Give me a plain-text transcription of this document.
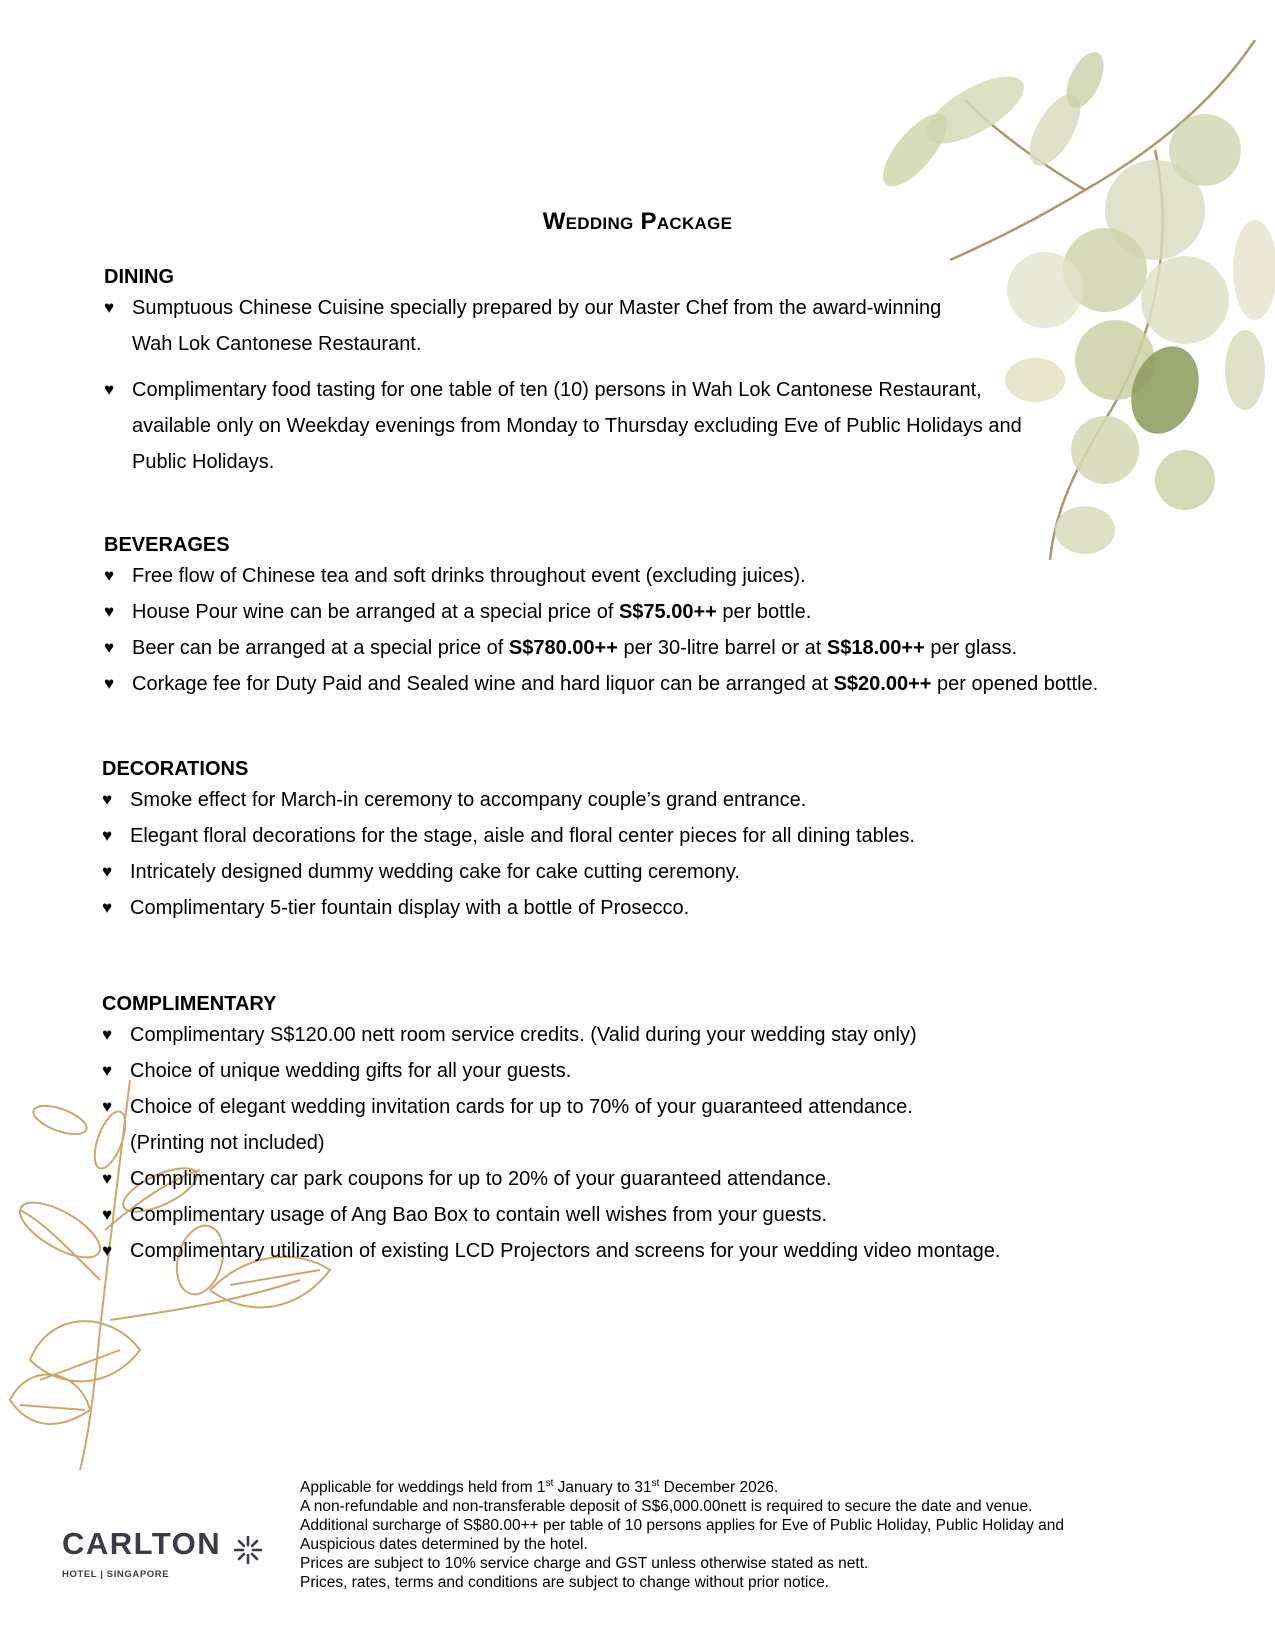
Wedding Package
DINING
♥ Sumptuous Chinese Cuisine specially prepared by our Master Chef from the award-winning
Wah Lok Cantonese Restaurant.
♥ Complimentary food tasting for one table of ten (10) persons in Wah Lok Cantonese Restaurant,
available only on Weekday evenings from Monday to Thursday excluding Eve of Public Holidays and
Public Holidays.
BEVERAGES
♥ Free flow of Chinese tea and soft drinks throughout event (excluding juices).
♥ House Pour wine can be arranged at a special price of S$75.00++ per bottle.
♥ Beer can be arranged at a special price of S$780.00++ per 30-litre barrel or at S$18.00++ per glass.
♥ Corkage fee for Duty Paid and Sealed wine and hard liquor can be arranged at S$20.00++ per opened bottle.
DECORATIONS
♥ Smoke effect for March-in ceremony to accompany couple’s grand entrance.
♥ Elegant floral decorations for the stage, aisle and floral center pieces for all dining tables.
♥ Intricately designed dummy wedding cake for cake cutting ceremony.
♥ Complimentary 5-tier fountain display with a bottle of Prosecco.
COMPLIMENTARY
♥ Complimentary S$120.00 nett room service credits. (Valid during your wedding stay only)
♥ Choice of unique wedding gifts for all your guests.
♥ Choice of elegant wedding invitation cards for up to 70% of your guaranteed attendance.
(Printing not included)
♥ Complimentary car park coupons for up to 20% of your guaranteed attendance.
♥ Complimentary usage of Ang Bao Box to contain well wishes from your guests.
♥ Complimentary utilization of existing LCD Projectors and screens for your wedding video montage.
CARLTON
HOTEL | SINGAPORE

Applicable for weddings held from 1st January to 31st December 2026.

A non-refundable and non-transferable deposit of S$6,000.00nett is required to secure the date and venue.

Additional surcharge of S$80.00++ per table of 10 persons applies for Eve of Public Holiday, Public Holiday and

Auspicious dates determined by the hotel.

Prices are subject to 10% service charge and GST unless otherwise stated as nett.

Prices, rates, terms and conditions are subject to change without prior notice.
